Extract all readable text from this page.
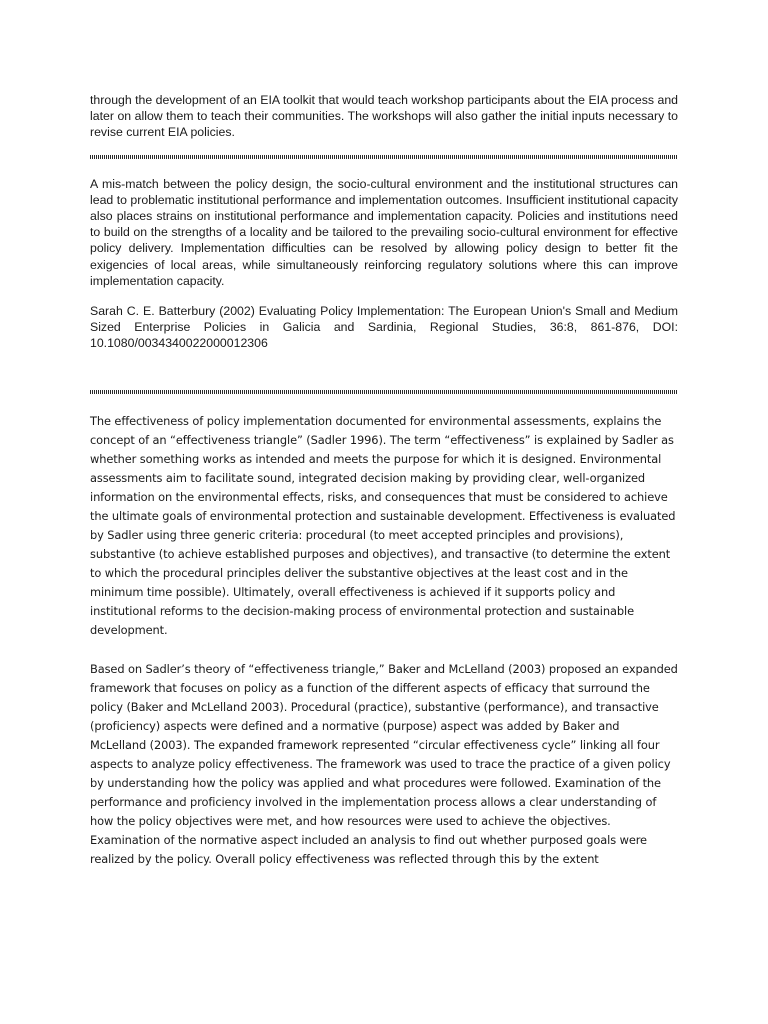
through the development of an EIA toolkit that would teach workshop participants about the EIA process and later on allow them to teach their communities. The workshops will also gather the initial inputs necessary to revise current EIA policies.

A mis-match between the policy design, the socio-cultural environment and the institutional structures can lead to problematic institutional performance and implementation outcomes. Insufficient institutional capacity also places strains on institutional performance and implementation capacity. Policies and institutions need to build on the strengths of a locality and be tailored to the prevailing socio-cultural environment for effective policy delivery. Implementation difficulties can be resolved by allowing policy design to better fit the exigencies of local areas, while simultaneously reinforcing regulatory solutions where this can improve implementation capacity.

Sarah C. E. Batterbury (2002) Evaluating Policy Implementation: The European Union's Small and Medium Sized Enterprise Policies in Galicia and Sardinia, Regional Studies, 36:8, 861-876, DOI: 10.1080/0034340022000012306

The effectiveness of policy implementation documented for environmental assessments, explains the concept of an “effectiveness triangle” (Sadler 1996). The term “effectiveness” is explained by Sadler as whether something works as intended and meets the purpose for which it is designed. Environmental assessments aim to facilitate sound, integrated decision making by providing clear, well-organized information on the environmental effects, risks, and consequences that must be considered to achieve the ultimate goals of environmental protection and sustainable development. Effectiveness is evaluated by Sadler using three generic criteria: procedural (to meet accepted principles and provisions), substantive (to achieve established purposes and objectives), and transactive (to determine the extent to which the procedural principles deliver the substantive objectives at the least cost and in the minimum time possible). Ultimately, overall effectiveness is achieved if it supports policy and institutional reforms to the decision-making process of environmental protection and sustainable development.

Based on Sadler’s theory of “effectiveness triangle,” Baker and McLelland (2003) proposed an expanded framework that focuses on policy as a function of the different aspects of efficacy that surround the policy (Baker and McLelland 2003). Procedural (practice), substantive (performance), and transactive (proficiency) aspects were defined and a normative (purpose) aspect was added by Baker and McLelland (2003). The expanded framework represented “circular effectiveness cycle” linking all four aspects to analyze policy effectiveness. The framework was used to trace the practice of a given policy by understanding how the policy was applied and what procedures were followed. Examination of the performance and proficiency involved in the implementation process allows a clear understanding of how the policy objectives were met, and how resources were used to achieve the objectives. Examination of the normative aspect included an analysis to find out whether purposed goals were realized by the policy. Overall policy effectiveness was reflected through this by the extent
